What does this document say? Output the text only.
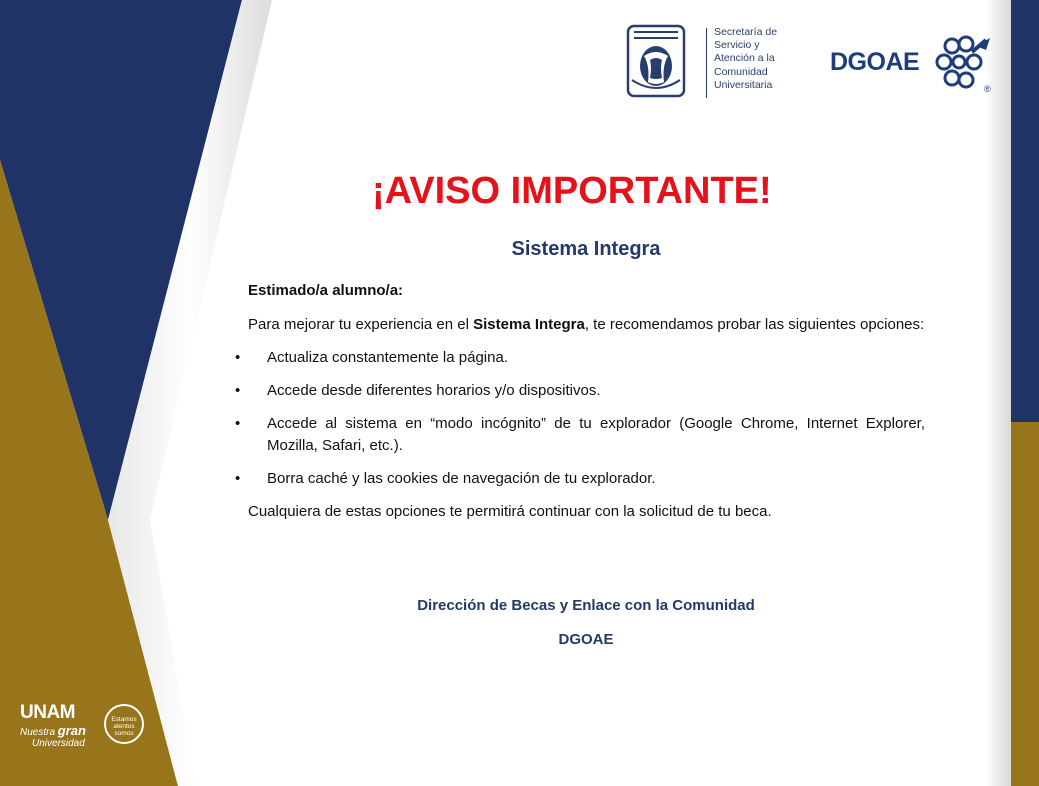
Secretaría de
Servicio y
Atención a la
Comunidad
Universitaria
DGOAE
®
¡AVISO IMPORTANTE!
Sistema Integra
Estimado/a alumno/a:
Para mejorar tu experiencia en el Sistema Integra, te recomendamos probar las siguientes opciones:
• Actualiza constantemente la página.
• Accede desde diferentes horarios y/o dispositivos.
• Accede al sistema en “modo incógnito” de tu explorador (Google Chrome, Internet Explorer, Mozilla, Safari, etc.).
• Borra caché y las cookies de navegación de tu explorador.
Cualquiera de estas opciones te permitirá continuar con la solicitud de tu beca.
Dirección de Becas y Enlace con la Comunidad
DGOAE
UNAM
Nuestra gran
Universidad
Estamos
atentos
somos
